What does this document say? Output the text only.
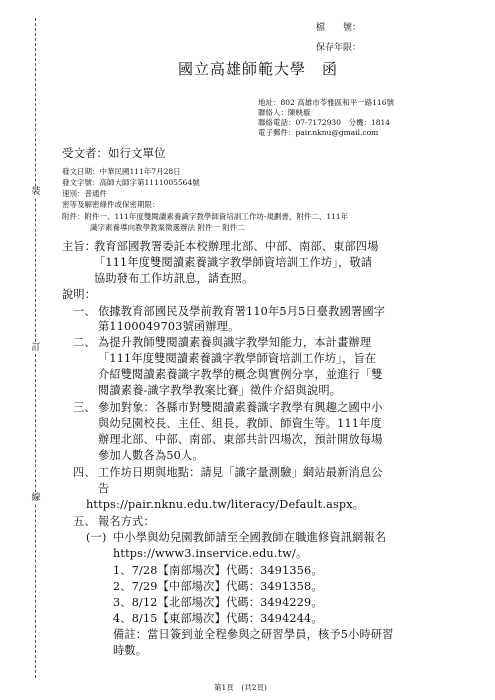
裝
訂
線
檔　　號：
保存年限：
國立高雄師範大學　函
地址：802 高雄市苓雅區和平一路116號
聯絡人：陳映璇
聯絡電話：07-7172930　分機：1814
電子郵件：pair.nknu@gmail.com
受文者：如行文單位
發文日期：中華民國111年7月28日
發文字號：高師大師字第1111005564號
速別：普通件
密等及解密條件或保密期限：
附件：附件一、111年度雙閱讀素養識字教學師資培訓工作坊-規劃書，附件二、111年
識字素養導向教學教案徵選辦法 附件一 附件二
主旨：
教育部國教署委託本校辦理北部、中部、南部、東部四場
「111年度雙閱讀素養識字教學師資培訓工作坊」，敬請
協助發布工作坊訊息，請查照。
說明：
一、 依據教育部國民及學前教育署110年5月5日臺教國署國字
第1100049703號函辦理。
二、 為提升教師雙閱讀素養與識字教學知能力，本計畫辦理
「111年度雙閱讀素養識字教學師資培訓工作坊」，旨在
介紹雙閱讀素養識字教學的概念與實例分享，並進行「雙
閱讀素養-識字教學教案比賽」徵件介紹與說明。
三、 參加對象：各縣市對雙閱讀素養識字教學有興趣之國中小
與幼兒園校長、主任、組長、教師、師資生等。111年度
辦理北部、中部、南部、東部共計四場次，預計開放每場
參加人數各為50人。
四、 工作坊日期與地點：請見「識字量測驗」網站最新消息公
告
https://pair.nknu.edu.tw/literacy/Default.aspx。
五、 報名方式：
(一) 中小學與幼兒園教師請至全國教師在職進修資訊網報名
https://www3.inservice.edu.tw/。
1、7/28【南部場次】代碼：3491356。
2、7/29【中部場次】代碼：3491358。
3、8/12【北部場次】代碼：3494229。
4、8/15【東部場次】代碼：3494244。
備註：當日簽到並全程參與之研習學員，核予5小時研習
時數。
第1頁　(共2頁)
